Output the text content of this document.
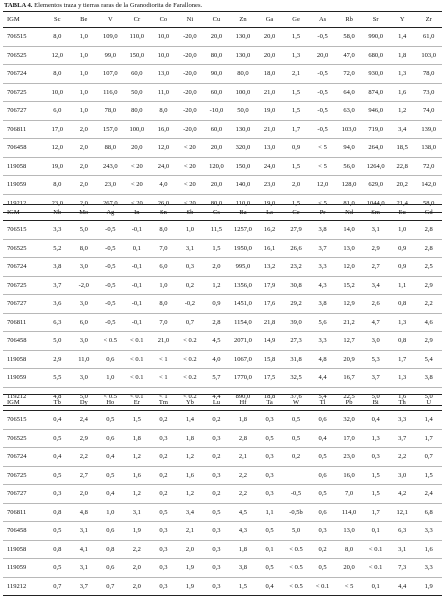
TABLA 4. Elementos traza y tierras raras de la Granodiorita de Farallones.
IGM	Sc	Be	V	Cr	Co	Ni	Cu	Zn	Ga	Ge	As	Rb	Sr	Y	Zr
706515	8,0	1,0	109,0	110,0	10,0	-20,0	20,0	130,0	20,0	1,5	-0,5	58,0	990,0	1,4	61,0
706525	12,0	1,0	99,0	150,0	10,0	-20,0	80,0	130,0	20,0	1,3	20,0	47,0	680,0	1,8	103,0
706724	8,0	1,0	107,0	60,0	13,0	-20,0	90,0	80,0	18,0	2,1	-0,5	72,0	930,0	1,3	78,0
706725	10,0	1,0	116,0	50,0	11,0	-20,0	60,0	100,0	21,0	1,5	-0,5	64,0	874,0	1,6	73,0
706727	6,0	1,0	78,0	80,0	8,0	-20,0	-10,0	50,0	19,0	1,5	-0,5	63,0	946,0	1,2	74,0
706811	17,0	2,0	157,0	100,0	16,0	-20,0	60,0	130,0	21,0	1,7	-0,5	103,0	719,0	3,4	139,0
706458	12,0	2,0	88,0	20,0	12,0	< 20	20,0	320,0	13,0	0,9	< 5	94,0	264,0	18,5	138,0
119058	19,0	2,0	243,0	< 20	24,0	< 20	120,0	150,0	24,0	1,5	< 5	56,0	1264,0	22,8	72,0
119059	8,0	2,0	23,0	< 20	4,0	< 20	20,0	140,0	23,0	2,0	12,0	128,0	629,0	20,2	142,0
119212	23,0	2,0	267,0	< 20	26,0	< 20	80,0	110,0	19,0	1,5	< 5	81,0	1044,0	21,4	58,0
IGM	Nb	Mo	Ag	In	Sn	Sb	Cs	Ba	La	Ce	Pr	Nd	Sm	Eu	Gd
706515	3,3	5,0	-0,5	-0,1	8,0	1,0	11,5	1257,0	16,2	27,9	3,8	14,0	3,1	1,0	2,8
706525	5,2	8,0	-0,5	0,1	7,0	3,1	1,5	1950,0	16,1	26,6	3,7	13,0	2,9	0,9	2,8
706724	3,8	3,0	-0,5	-0,1	6,0	0,3	2,0	995,0	13,2	23,2	3,3	12,0	2,7	0,9	2,5
706725	3,7	-2,0	-0,5	-0,1	1,0	0,2	1,2	1356,0	17,9	30,8	4,3	15,2	3,4	1,1	2,9
706727	3,6	3,0	-0,5	-0,1	8,0	-0,2	0,9	1451,0	17,6	29,2	3,8	12,9	2,6	0,8	2,2
706811	6,3	6,0	-0,5	-0,1	7,0	0,7	2,8	1154,0	21,8	39,0	5,6	21,2	4,7	1,3	4,6
706458	5,0	3,0	< 0.5	< 0.1	21,0	< 0.2	4,5	2071,0	14,9	27,3	3,3	12,7	3,0	0,8	2,9
119058	2,9	11,0	0,6	< 0.1	< 1	< 0.2	4,0	1067,0	15,8	31,8	4,8	20,9	5,3	1,7	5,4
119059	5,5	3,0	1,0	< 0.1	< 1	< 0.2	5,7	1770,0	17,5	32,5	4,4	16,7	3,7	1,3	3,8
119212	4,8	5,0	< 0.5	< 0.1	< 1	< 0.2	4,4	890,0	18,8	37,6	5,4	22,5	5,0	1,6	5,0
IGM	Tb	Dy	Ho	Er	Tm	Yb	Lu	Hf	Ta	W	Tl	Pb	Bi	Th	U
706515	0,4	2,4	0,5	1,5	0,2	1,4	0,2	1,8	0,3	0,5	0,6	32,0	0,4	3,3	1,4
706525	0,5	2,9	0,6	1,8	0,3	1,8	0,3	2,8	0,5	0,5	0,4	17,0	1,3	3,7	1,7
706724	0,4	2,2	0,4	1,2	0,2	1,2	0,2	2,1	0,3	0,2	0,5	23,0	0,3	2,2	0,7
706725	0,5	2,7	0,5	1,6	0,2	1,6	0,3	2,2	0,3		0,6	16,0	1,5	3,0	1,5
706727	0,3	2,0	0,4	1,2	0,2	1,2	0,2	2,2	0,3	-0,5	0,5	7,0	1,5	4,2	2,4
706811	0,8	4,8	1,0	3,1	0,5	3,4	0,5	4,5	1,1	-0,5b	0,6	114,0	1,7	12,1	6,8
706458	0,5	3,1	0,6	1,9	0,3	2,1	0,3	4,3	0,5	5,0	0,3	13,0	0,1	6,3	3,3
119058	0,8	4,1	0,8	2,2	0,3	2,0	0,3	1,8	0,1	< 0.5	0,2	8,0	< 0.1	3,1	1,6
119059	0,5	3,1	0,6	2,0	0,3	1,9	0,3	3,8	0,5	< 0.5	0,5	20,0	< 0.1	7,3	3,3
119212	0,7	3,7	0,7	2,0	0,3	1,9	0,3	1,5	0,4	< 0.5	< 0.1	< 5	0,1	4,4	1,9
